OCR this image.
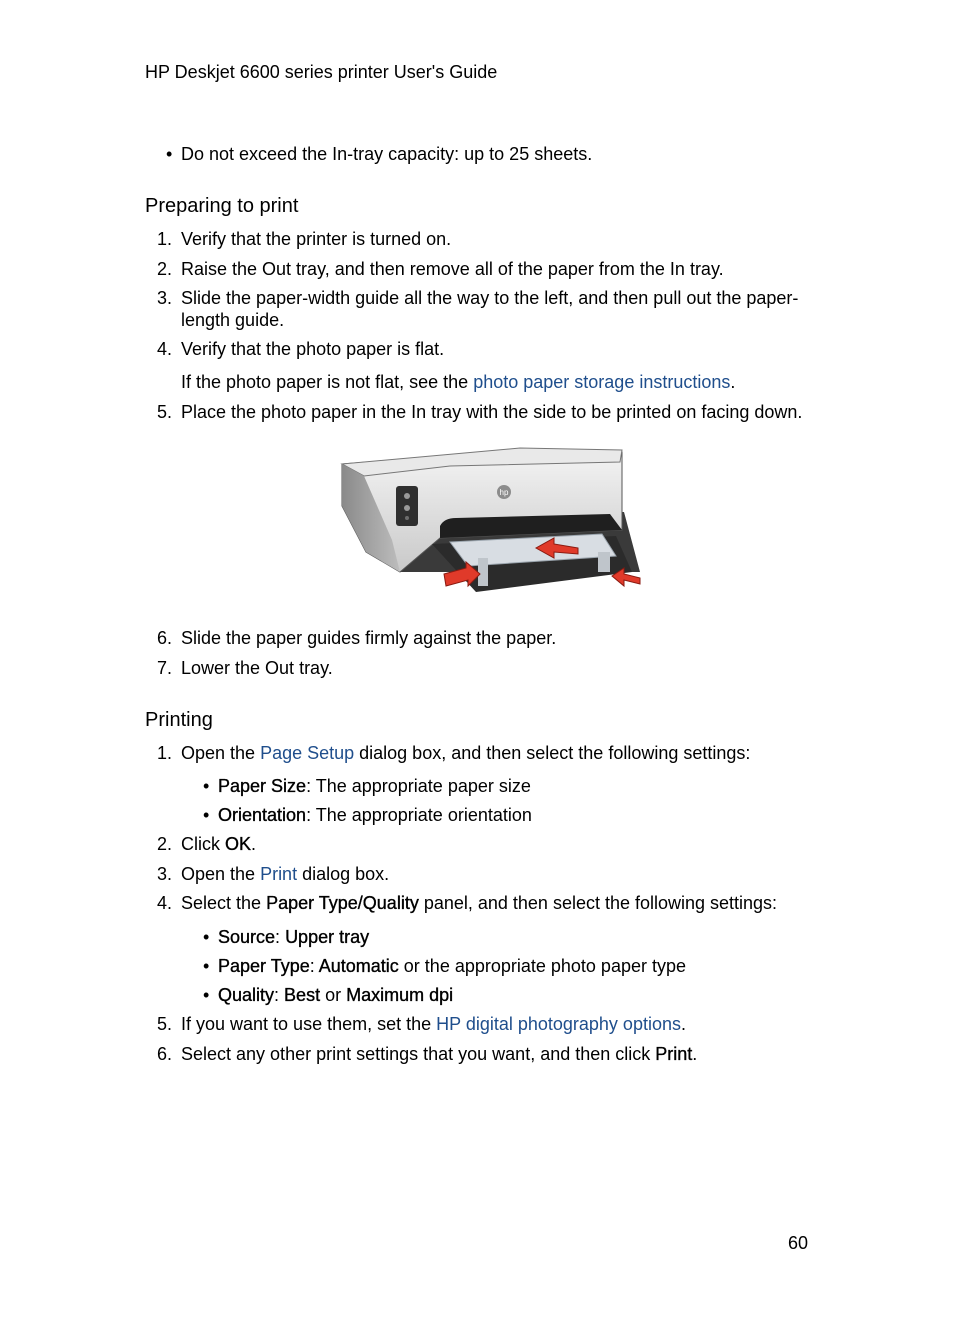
HP Deskjet 6600 series printer User's Guide
• Do not exceed the In-tray capacity: up to 25 sheets.
Preparing to print
1. Verify that the printer is turned on.
2. Raise the Out tray, and then remove all of the paper from the In tray.
3. Slide the paper-width guide all the way to the left, and then pull out the paper-
length guide.
4. Verify that the photo paper is flat.
If the photo paper is not flat, see the photo paper storage instructions.
5. Place the photo paper in the In tray with the side to be printed on facing down.
hp
6. Slide the paper guides firmly against the paper.
7. Lower the Out tray.
Printing
1. Open the Page Setup dialog box, and then select the following settings:
• Paper Size: The appropriate paper size
• Orientation: The appropriate orientation
2. Click OK.
3. Open the Print dialog box.
4. Select the Paper Type/Quality panel, and then select the following settings:
• Source: Upper tray
• Paper Type: Automatic or the appropriate photo paper type
• Quality: Best or Maximum dpi
5. If you want to use them, set the HP digital photography options.
6. Select any other print settings that you want, and then click Print.
60
